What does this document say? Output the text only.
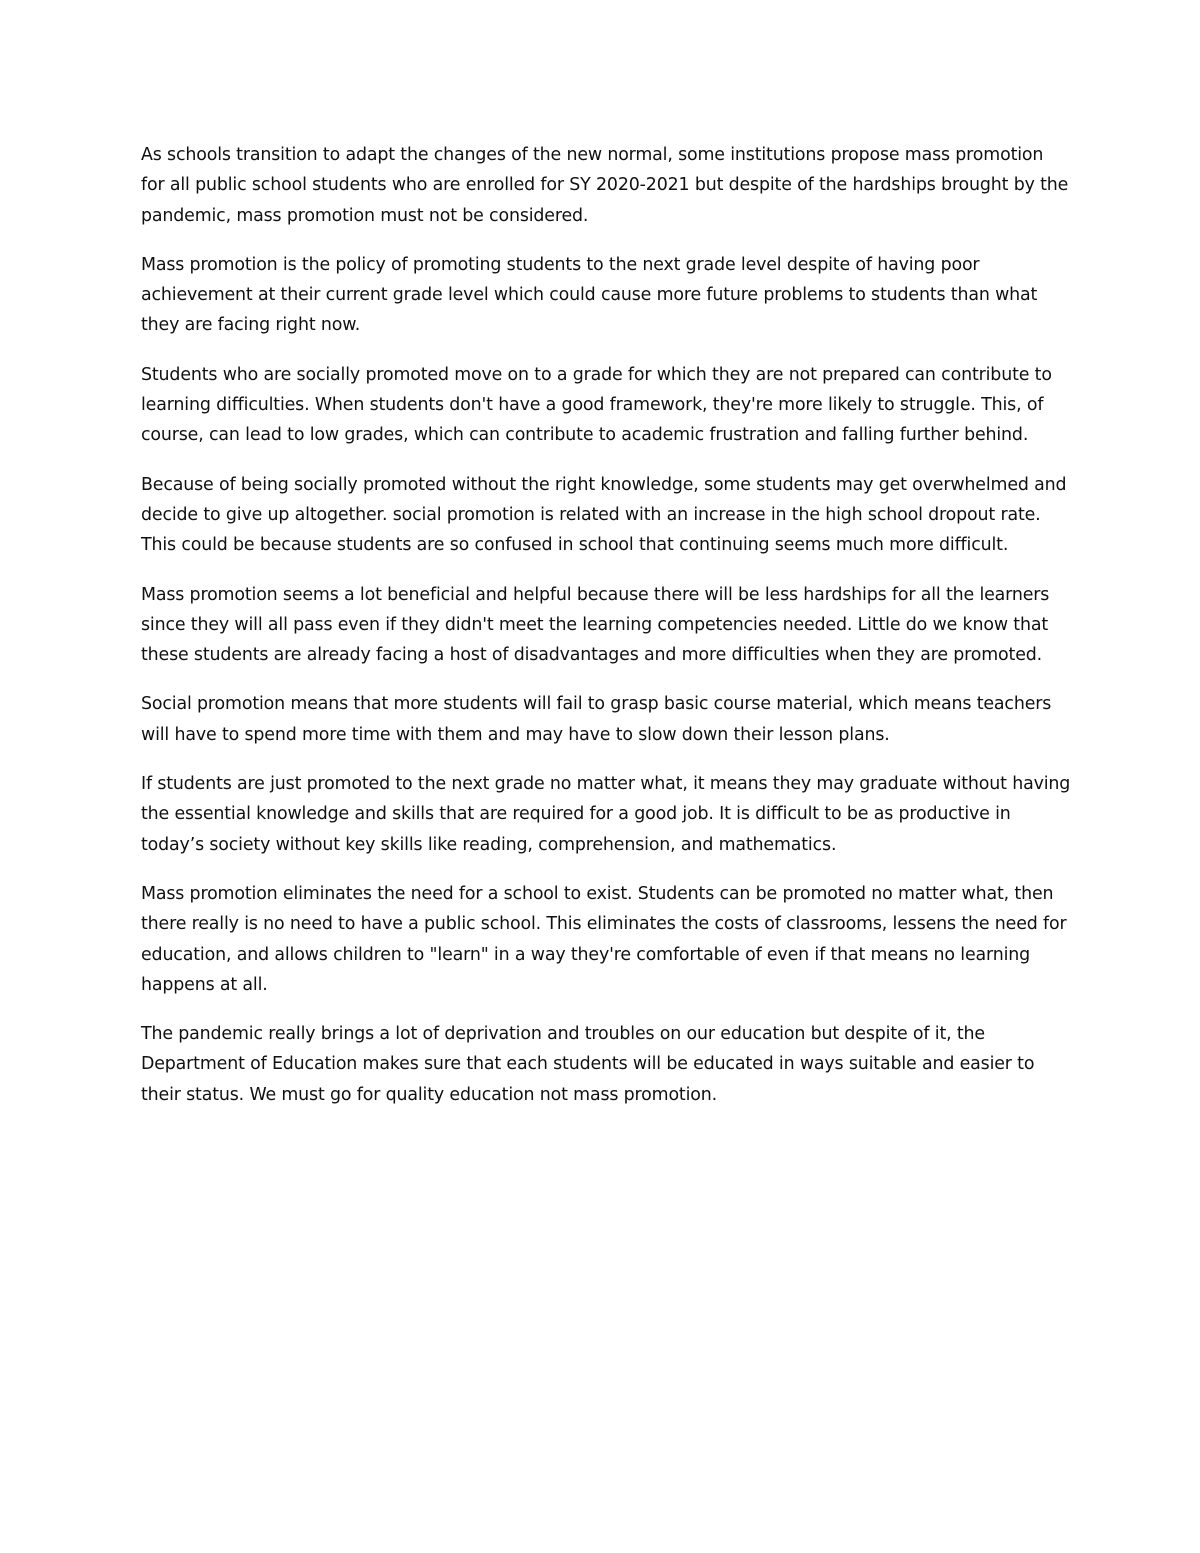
As schools transition to adapt the changes of the new normal, some institutions propose mass promotion for all public school students who are enrolled for SY 2020-2021 but despite of the hardships brought by the pandemic, mass promotion must not be considered.

Mass promotion is the policy of promoting students to the next grade level despite of having poor achievement at their current grade level which could cause more future problems to students than what they are facing right now.

Students who are socially promoted move on to a grade for which they are not prepared can contribute to learning difficulties. When students don't have a good framework, they're more likely to struggle. This, of course, can lead to low grades, which can contribute to academic frustration and falling further behind.

Because of being socially promoted without the right knowledge, some students may get overwhelmed and decide to give up altogether. social promotion is related with an increase in the high school dropout rate. This could be because students are so confused in school that continuing seems much more difficult.

Mass promotion seems a lot beneficial and helpful because there will be less hardships for all the learners since they will all pass even if they didn't meet the learning competencies needed. Little do we know that these students are already facing a host of disadvantages and more difficulties when they are promoted.

Social promotion means that more students will fail to grasp basic course material, which means teachers will have to spend more time with them and may have to slow down their lesson plans.

If students are just promoted to the next grade no matter what, it means they may graduate without having the essential knowledge and skills that are required for a good job. It is difficult to be as productive in today’s society without key skills like reading, comprehension, and mathematics.

Mass promotion eliminates the need for a school to exist. Students can be promoted no matter what, then there really is no need to have a public school. This eliminates the costs of classrooms, lessens the need for education, and allows children to "learn" in a way they're comfortable of even if that means no learning happens at all.

The pandemic really brings a lot of deprivation and troubles on our education but despite of it, the Department of Education makes sure that each students will be educated in ways suitable and easier to their status. We must go for quality education not mass promotion.
